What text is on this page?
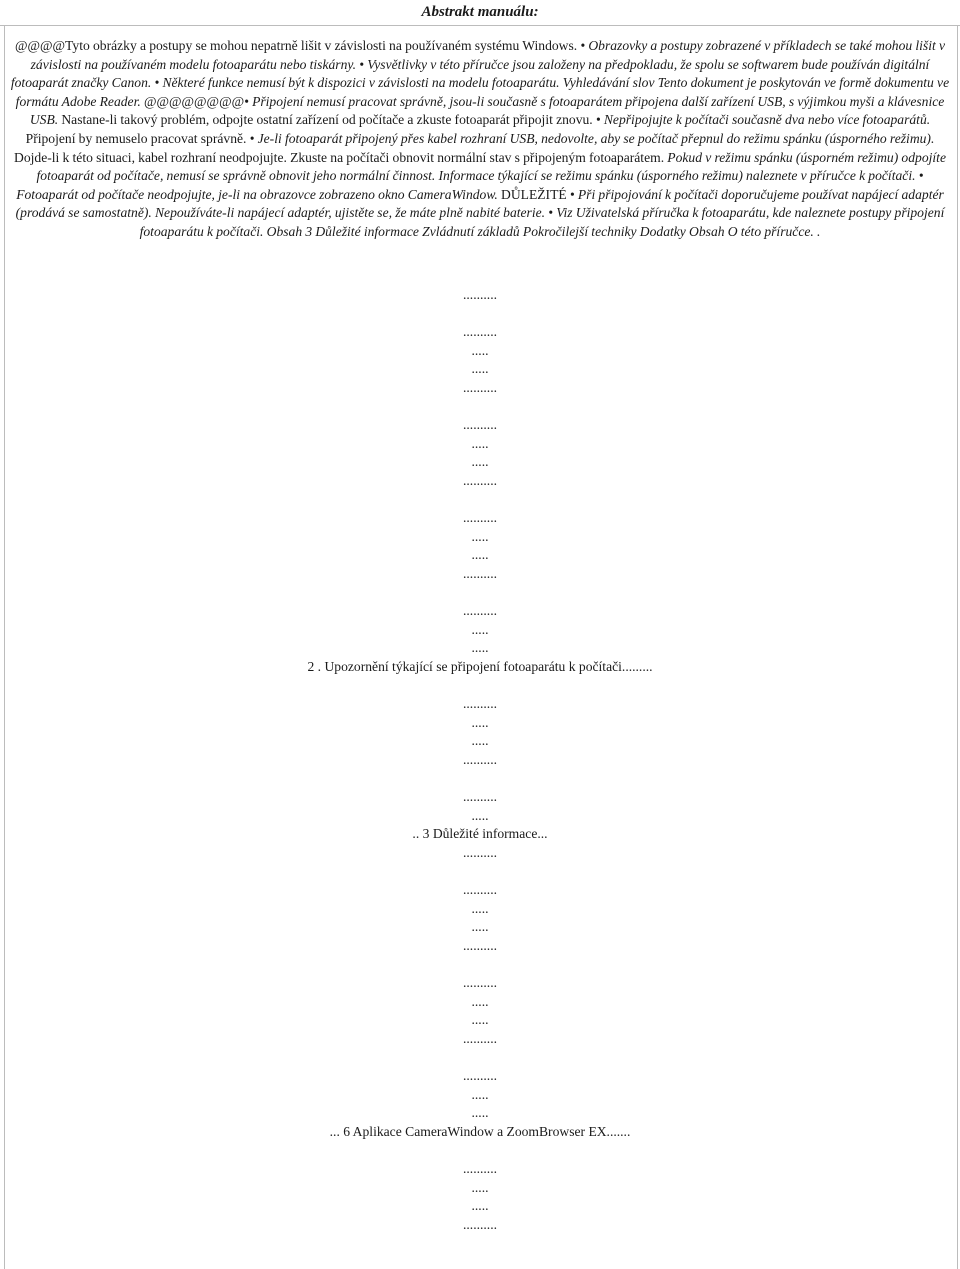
Abstrakt manuálu:

@@@@Tyto obrázky a postupy se mohou nepatrně lišit v závislosti na používaném systému Windows. • Obrazovky a postupy zobrazené v příkladech se také mohou lišit v závislosti na používaném modelu fotoaparátu nebo tiskárny. • Vysvětlivky v této příručce jsou založeny na předpokladu, že spolu se softwarem bude používán digitální fotoaparát značky Canon. • Některé funkce nemusí být k dispozici v závislosti na modelu fotoaparátu. Vyhledávání slov Tento dokument je poskytován ve formě dokumentu ve formátu Adobe Reader. @@@@@@@@• Připojení nemusí pracovat správně, jsou-li současně s fotoaparátem připojena další zařízení USB, s výjimkou myši a klávesnice USB. Nastane-li takový problém, odpojte ostatní zařízení od počítače a zkuste fotoaparát připojit znovu. • Nepřipojujte k počítači současně dva nebo více fotoaparátů. Připojení by nemuselo pracovat správně. • Je-li fotoaparát připojený přes kabel rozhraní USB, nedovolte, aby se počítač přepnul do režimu spánku (úsporného režimu). Dojde-li k této situaci, kabel rozhraní neodpojujte. Zkuste na počítači obnovit normální stav s připojeným fotoaparátem. Pokud v režimu spánku (úsporném režimu) odpojíte fotoaparát od počítače, nemusí se správně obnovit jeho normální činnost. Informace týkající se režimu spánku (úsporného režimu) naleznete v příručce k počítači. • Fotoaparát od počítače neodpojujte, je-li na obrazovce zobrazeno okno CameraWindow. DŮLEŽITÉ • Při připojování k počítači doporučujeme používat napájecí adaptér (prodává se samostatně). Nepoužíváte-li napájecí adaptér, ujistěte se, že máte plně nabité baterie. • Viz Uživatelská příručka k fotoaparátu, kde naleznete postupy připojení fotoaparátu k počítači. Obsah 3 Důležité informace Zvládnutí základů Pokročilejší techniky Dodatky Obsah O této příručce. .

..........
..........
.....
.....
..........
..........
.....
.....
..........
..........
.....
.....
..........
..........
.....
.....
2 . Upozornění týkající se připojení fotoaparátu k počítači.........
..........
.....
.....
..........
..........
.....
.. 3 Důležité informace...
..........
..........
.....
.....
..........
..........
.....
.....
..........
..........
.....
.....
... 6 Aplikace CameraWindow a ZoomBrowser EX.......
..........
.....
.....
..........
